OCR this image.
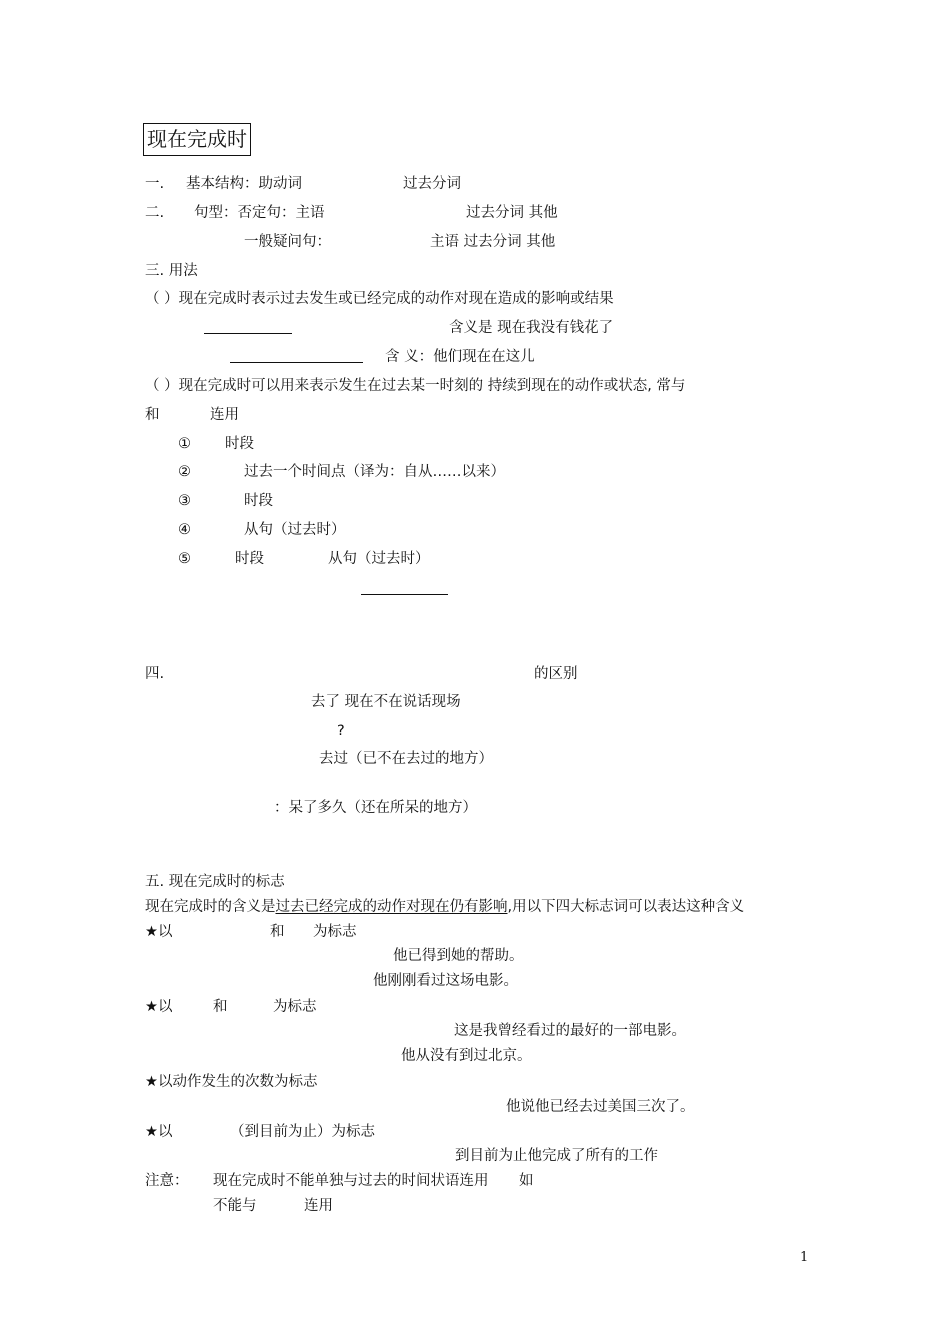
现在完成时
一. 基本结构：助动词	过去分词
二. 句型：否定句：主语	过去分词 其他
一般疑问句：	主语 过去分词 其他
三. 用法
（ ）现在完成时表示过去发生或已经完成的动作对现在造成的影响或结果
含义是 现在我没有钱花了
含 义：他们现在在这儿
（ ）现在完成时可以用来表示发生在过去某一时刻的 持续到现在的动作或状态, 常与
和	连用
① 时段
②	过去一个时间点（译为：自从……以来）
③	时段
④	从句（过去时）
⑤	时段	从句（过去时）
四.	的区别
去了 现在不在说话现场
?
去过（已不在去过的地方）
：呆了多久（还在所呆的地方）
五. 现在完成时的标志
现在完成时的含义是过去已经完成的动作对现在仍有影响,用以下四大标志词可以表达这种含义
★以	和 为标志
他已得到她的帮助。
他刚刚看过这场电影。
★以	和	为标志
这是我曾经看过的最好的一部电影。
他从没有到过北京。
★以动作发生的次数为标志
他说他已经去过美国三次了。
★以	（到目前为止）为标志
到目前为止他完成了所有的工作
注意： 现在完成时不能单独与过去的时间状语连用 如
不能与	连用
1
